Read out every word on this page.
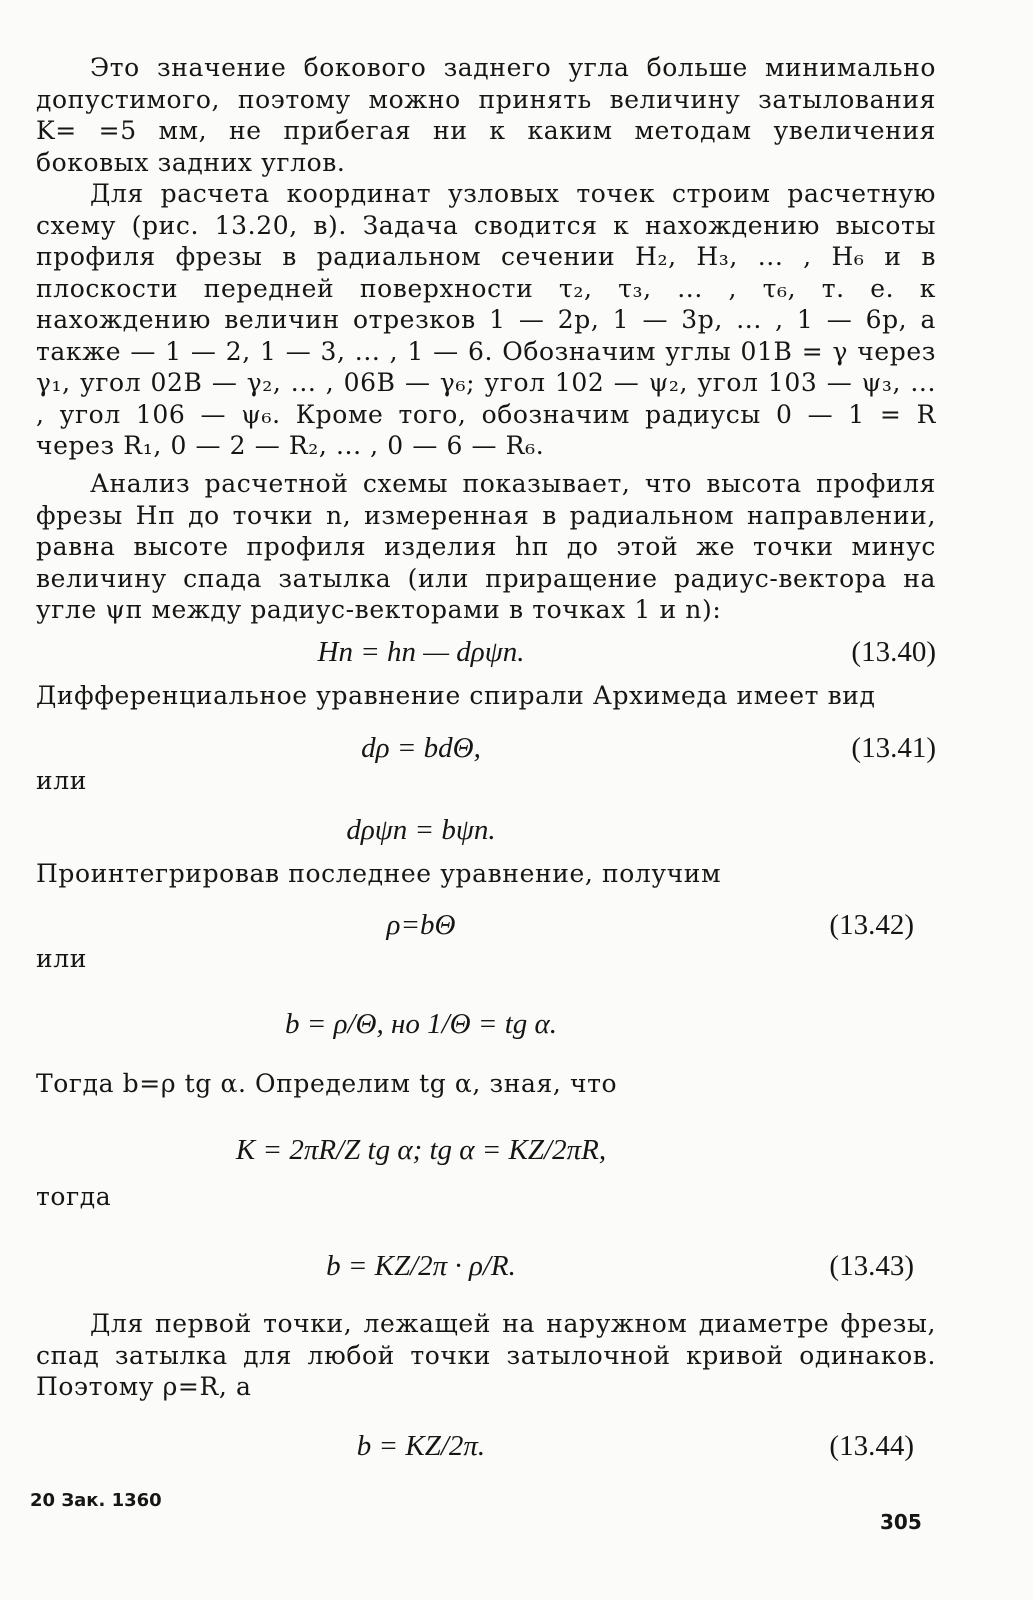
Это значение бокового заднего угла больше минимально допустимого, поэтому можно принять величину затылования K= =5 мм, не прибегая ни к каким методам увеличения боковых задних углов.

Для расчета координат узловых точек строим расчетную схему (рис. 13.20, в). Задача сводится к нахождению высоты профиля фрезы в радиальном сечении H₂, H₃, ... , H₆ и в плоскости передней поверхности τ₂, τ₃, ... , τ₆, т. е. к нахождению величин отрезков 1 — 2p, 1 — 3p, ... , 1 — 6p, а также — 1 — 2, 1 — 3, ... , 1 — 6. Обозначим углы 01B = γ через γ₁, угол 02B — γ₂, ... , 06B — γ₆; угол 102 — ψ₂, угол 103 — ψ₃, ... , угол 106 — ψ₆. Кроме того, обозначим радиусы 0 — 1 = R через R₁, 0 — 2 — R₂, ... , 0 — 6 — R₆.

Анализ расчетной схемы показывает, что высота профиля фрезы Hп до точки n, измеренная в радиальном направлении, равна высоте профиля изделия hп до этой же точки минус величину спада затылка (или приращение радиус-вектора на угле ψп между радиус-векторами в точках 1 и n):

Hп = hп — dρψп.	(13.40)

Дифференциальное уравнение спирали Архимеда имеет вид

dρ = bdΘ,	(13.41)
или
dρψп = bψп.

Проинтегрировав последнее уравнение, получим

ρ=bΘ	(13.42)
или
b = ρ/Θ, но 1/Θ = tg α.

Тогда b=ρ tg α. Определим tg α, зная, что

K = 2πR/Z tg α; tg α = KZ/2πR,
тогда
b = KZ/2π · ρ/R.	(13.43)

Для первой точки, лежащей на наружном диаметре фрезы, спад затылка для любой точки затылочной кривой одинаков. Поэтому ρ=R, а

b = KZ/2π.	(13.44)
20 Зак. 1360
305
